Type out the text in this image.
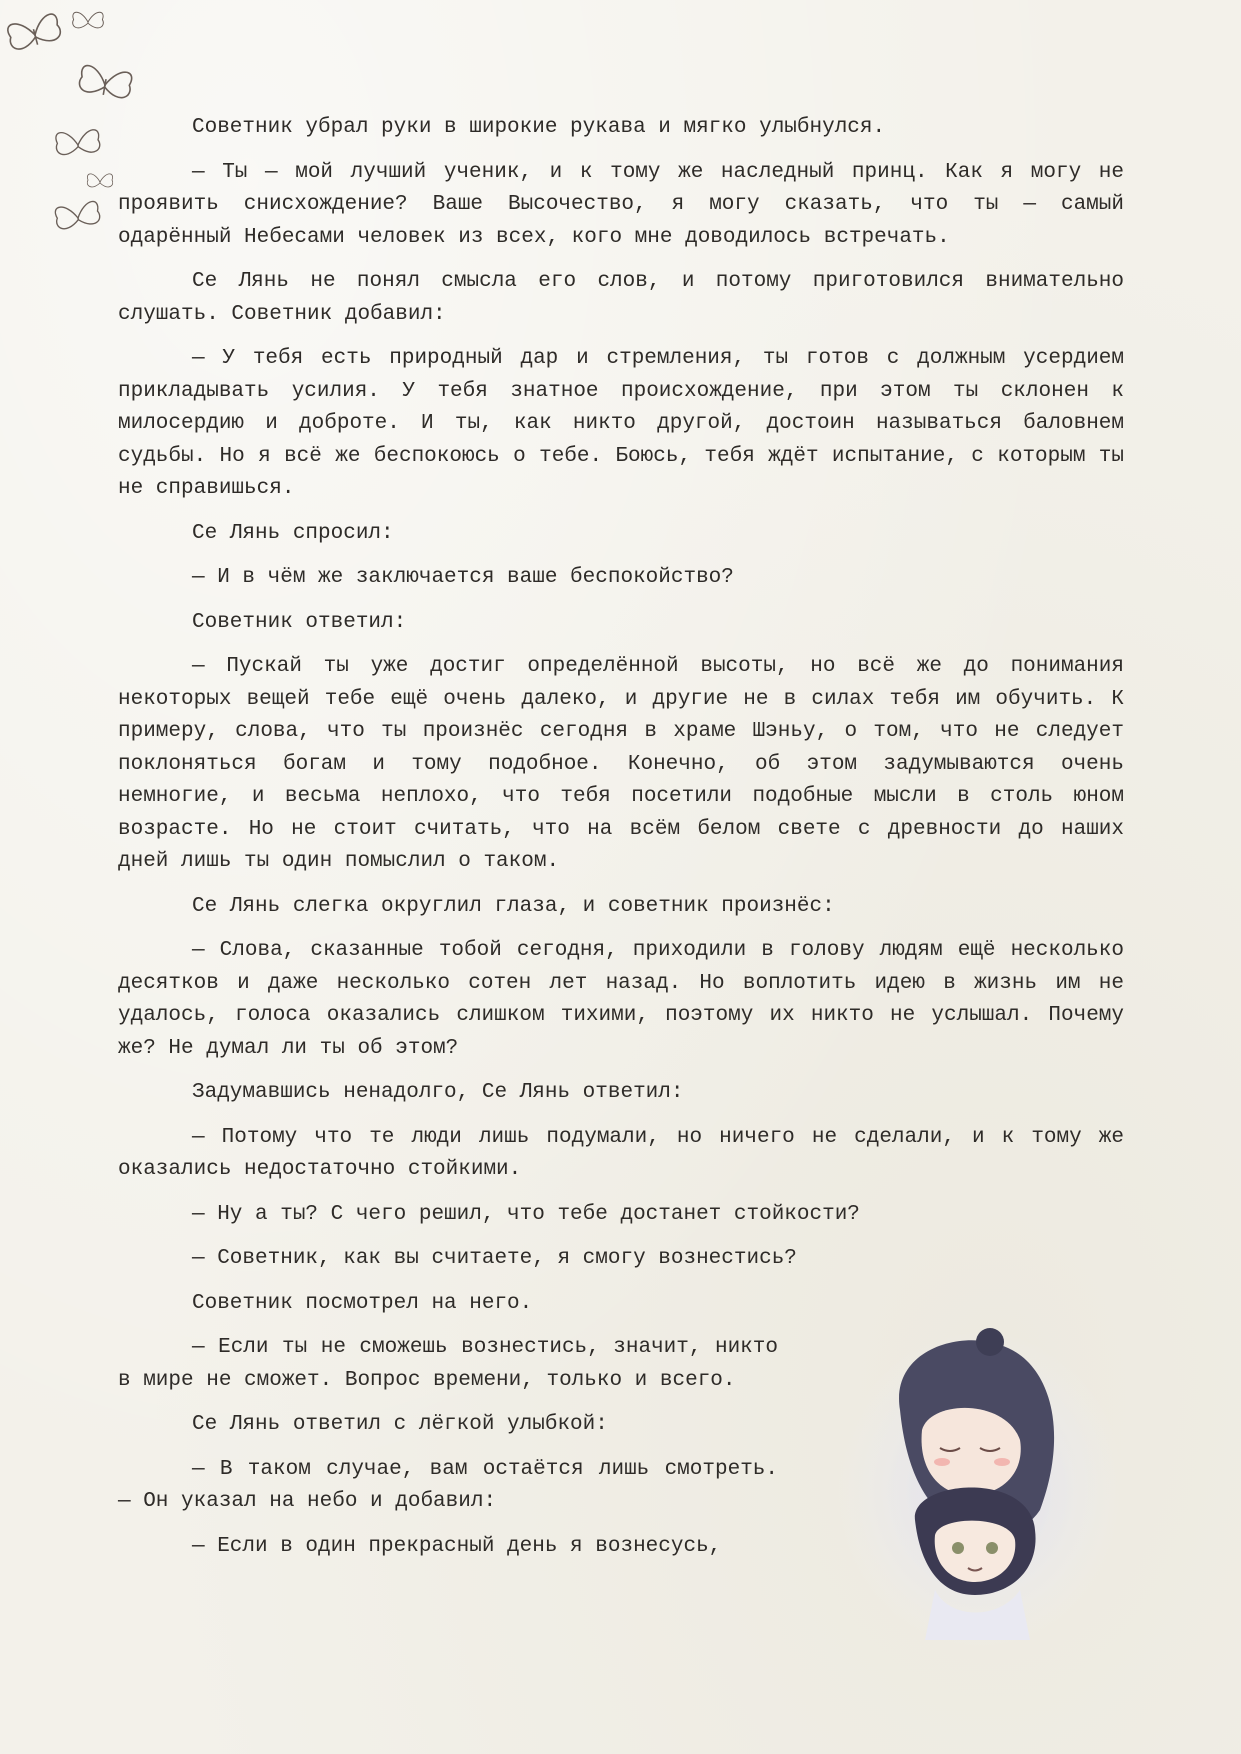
Советник убрал руки в широкие рукава и мягко улыбнулся.

— Ты — мой лучший ученик, и к тому же наследный принц. Как я могу не проявить снисхождение? Ваше Высочество, я могу сказать, что ты — самый одарённый Небесами человек из всех, кого мне доводилось встречать.

Се Лянь не понял смысла его слов, и потому приготовился внимательно слушать. Советник добавил:

— У тебя есть природный дар и стремления, ты готов с должным усердием прикладывать усилия. У тебя знатное происхождение, при этом ты склонен к милосердию и доброте. И ты, как никто другой, достоин называться баловнем судьбы. Но я всё же беспокоюсь о тебе. Боюсь, тебя ждёт испытание, с которым ты не справишься.

Се Лянь спросил:

— И в чём же заключается ваше беспокойство?

Советник ответил:

— Пускай ты уже достиг определённой высоты, но всё же до понимания некоторых вещей тебе ещё очень далеко, и другие не в силах тебя им обучить. К примеру, слова, что ты произнёс сегодня в храме Шэньу, о том, что не следует поклоняться богам и тому подобное. Конечно, об этом задумываются очень немногие, и весьма неплохо, что тебя посетили подобные мысли в столь юном возрасте. Но не стоит считать, что на всём белом свете с древности до наших дней лишь ты один помыслил о таком.

Се Лянь слегка округлил глаза, и советник произнёс:

— Слова, сказанные тобой сегодня, приходили в голову людям ещё несколько десятков и даже несколько сотен лет назад. Но воплотить идею в жизнь им не удалось, голоса оказались слишком тихими, поэтому их никто не услышал. Почему же? Не думал ли ты об этом?

Задумавшись ненадолго, Се Лянь ответил:

— Потому что те люди лишь подумали, но ничего не сделали, и к тому же оказались недостаточно стойкими.

— Ну а ты? С чего решил, что тебе достанет стойкости?

— Советник, как вы считаете, я смогу вознестись?

Советник посмотрел на него.

— Если ты не сможешь вознестись, значит, никто в мире не сможет. Вопрос времени, только и всего.

Се Лянь ответил с лёгкой улыбкой:

— В таком случае, вам остаётся лишь смотреть. — Он указал на небо и добавил:

— Если в один прекрасный день я вознесусь,
